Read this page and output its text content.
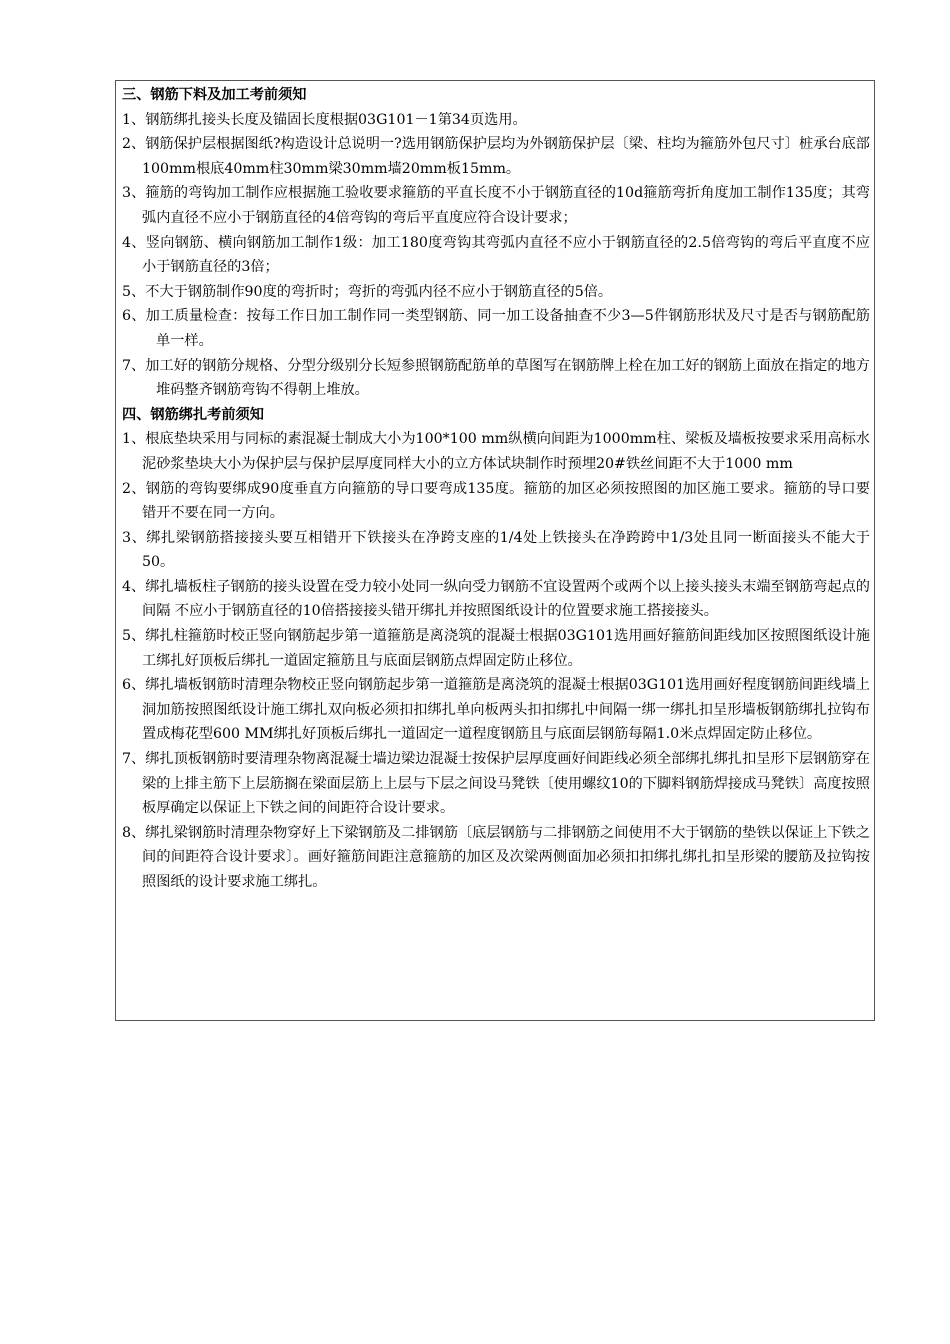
三、钢筋下料及加工考前须知

1、钢筋绑扎接头长度及锚固长度根据03G101－1第34页选用。

2、钢筋保护层根据图纸?构造设计总说明一?选用钢筋保护层均为外钢筋保护层〔梁、柱均为箍筋外包尺寸〕桩承台底部100mm根底40mm柱30mm梁30mm墙20mm板15mm。

3、箍筋的弯钩加工制作应根据施工验收要求箍筋的平直长度不小于钢筋直径的10d箍筋弯折角度加工制作135度；其弯弧内直径不应小于钢筋直径的4倍弯钩的弯后平直度应符合设计要求；

4、竖向钢筋、横向钢筋加工制作1级：加工180度弯钩其弯弧内直径不应小于钢筋直径的2.5倍弯钩的弯后平直度不应小于钢筋直径的3倍；

5、不大于钢筋制作90度的弯折时；弯折的弯弧内径不应小于钢筋直径的5倍。

6、加工质量检查：按每工作日加工制作同一类型钢筋、同一加工设备抽查不少3—5件钢筋形状及尺寸是否与钢筋配筋单一样。

7、加工好的钢筋分规格、分型分级别分长短参照钢筋配筋单的草图写在钢筋牌上栓在加工好的钢筋上面放在指定的地方堆码整齐钢筋弯钩不得朝上堆放。

四、钢筋绑扎考前须知

1、根底垫块采用与同标的素混凝士制成大小为100*100 mm纵横向间距为1000mm柱、梁板及墙板按要求采用高标水泥砂浆垫块大小为保护层与保护层厚度同样大小的立方体试块制作时预埋20#铁丝间距不大于1000 mm

2、钢筋的弯钩要绑成90度垂直方向箍筋的导口要弯成135度。箍筋的加区必须按照图的加区施工要求。箍筋的导口要错开不要在同一方向。

3、绑扎梁钢筋搭接接头要互相错开下铁接头在净跨支座的1/4处上铁接头在净跨跨中1/3处且同一断面接头不能大于50。

4、绑扎墙板柱子钢筋的接头设置在受力较小处同一纵向受力钢筋不宜设置两个或两个以上接头接头末端至钢筋弯起点的间隔 不应小于钢筋直径的10倍搭接接头错开绑扎并按照图纸设计的位置要求施工搭接接头。

5、绑扎柱箍筋时校正竖向钢筋起步第一道箍筋是离浇筑的混凝士根据03G101选用画好箍筋间距线加区按照图纸设计施工绑扎好顶板后绑扎一道固定箍筋且与底面层钢筋点焊固定防止移位。

6、绑扎墙板钢筋时清理杂物校正竖向钢筋起步第一道箍筋是离浇筑的混凝士根据03G101选用画好程度钢筋间距线墙上洞加筋按照图纸设计施工绑扎双向板必须扣扣绑扎单向板两头扣扣绑扎中间隔一绑一绑扎扣呈形墙板钢筋绑扎拉钩布置成梅花型600 MM绑扎好顶板后绑扎一道固定一道程度钢筋且与底面层钢筋每隔1.0米点焊固定防止移位。

7、绑扎顶板钢筋时要清理杂物离混凝士墙边梁边混凝士按保护层厚度画好间距线必须全部绑扎绑扎扣呈形下层钢筋穿在梁的上排主筋下上层筋搁在梁面层筋上上层与下层之间设马凳铁〔使用螺纹10的下脚料钢筋焊接成马凳铁〕高度按照板厚确定以保证上下铁之间的间距符合设计要求。

8、绑扎梁钢筋时清理杂物穿好上下梁钢筋及二排钢筋〔底层钢筋与二排钢筋之间使用不大于钢筋的垫铁以保证上下铁之间的间距符合设计要求〕。画好箍筋间距注意箍筋的加区及次梁两侧面加必须扣扣绑扎绑扎扣呈形梁的腰筋及拉钩按照图纸的设计要求施工绑扎。
